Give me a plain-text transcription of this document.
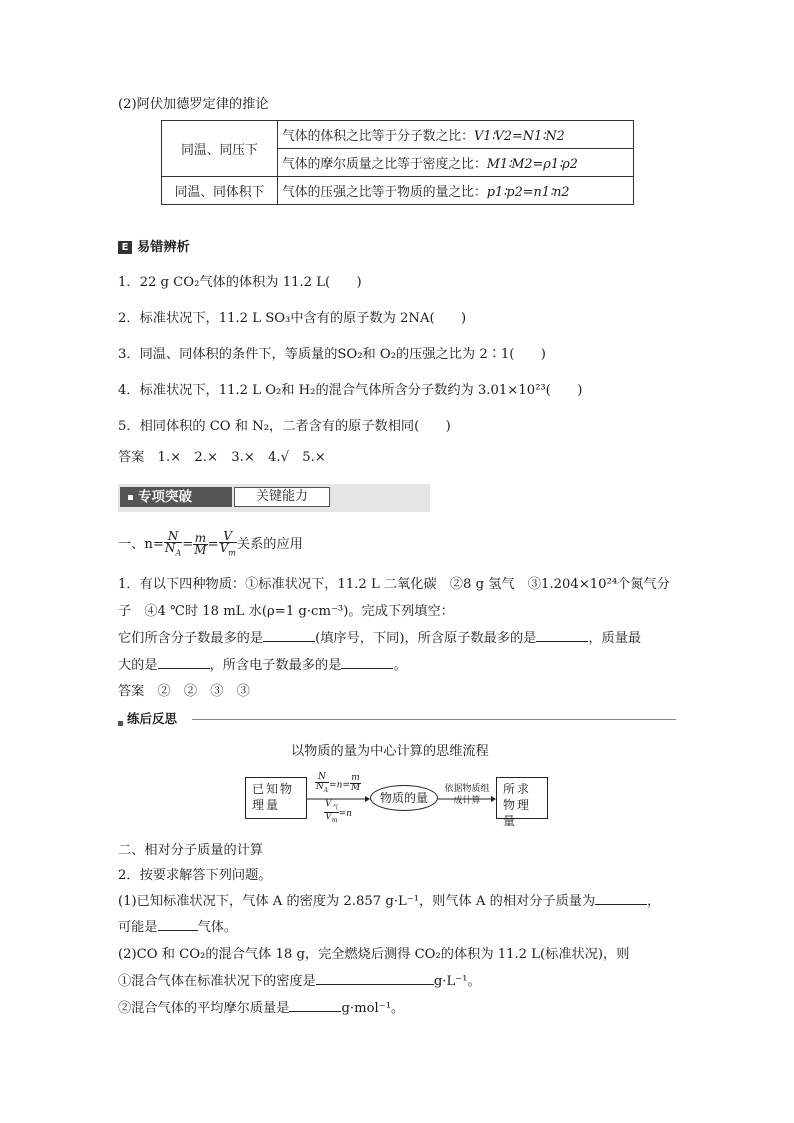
(2)阿伏加德罗定律的推论
同温、同压下	气体的体积之比等于分子数之比：V1∶V2=N1∶N2
	气体的摩尔质量之比等于密度之比：M1∶M2=ρ1∶ρ2
同温、同体积下	气体的压强之比等于物质的量之比：p1∶p2=n1∶n2
E 易错辨析
1．22 g CO₂气体的体积为 11.2 L(　　)
2．标准状况下，11.2 L SO₃中含有的原子数为 2NA(　　)
3．同温、同体积的条件下，等质量的SO₂和 O₂的压强之比为 2∶1(　　)
4．标准状况下，11.2 L O₂和 H₂的混合气体所含分子数约为 3.01×10²³(　　)
5．相同体积的 CO 和 N₂，二者含有的原子数相同(　　)
答案　1.×　2.×　3.×　4.√　5.×
专项突破	关键能力
一、$n= \frac{N}{N_A} = \frac{m}{M} = \frac{V}{V_m}$ 关系的应用
1．有以下四种物质：①标准状况下，11.2 L 二氧化碳　②8 g 氢气　③1.204×10²⁴个氮气分
子　④4 ℃时 18 mL 水(ρ=1 g·cm⁻³)。完成下列填空：
它们所含分子数最多的是	(填序号，下同)，所含原子数最多的是	，质量最
大的是	，所含电子数最多的是	。
答案　②　②　③　③
练后反思
以物质的量为中心计算的思维流程
已知物理量
$\frac{N}{N_A} =n= \frac{m}{M}$
$\frac{V_气}{V_m} =n$
物质的量
依据物质组成计算
所求物理量
二、相对分子质量的计算
2．按要求解答下列问题。
(1)已知标准状况下，气体 A 的密度为 2.857 g·L⁻¹，则气体 A 的相对分子质量为	，
可能是	气体。
(2)CO 和 CO₂的混合气体 18 g，完全燃烧后测得 CO₂的体积为 11.2 L(标准状况)，则
①混合气体在标准状况下的密度是	g·L⁻¹。
②混合气体的平均摩尔质量是	g·mol⁻¹。
